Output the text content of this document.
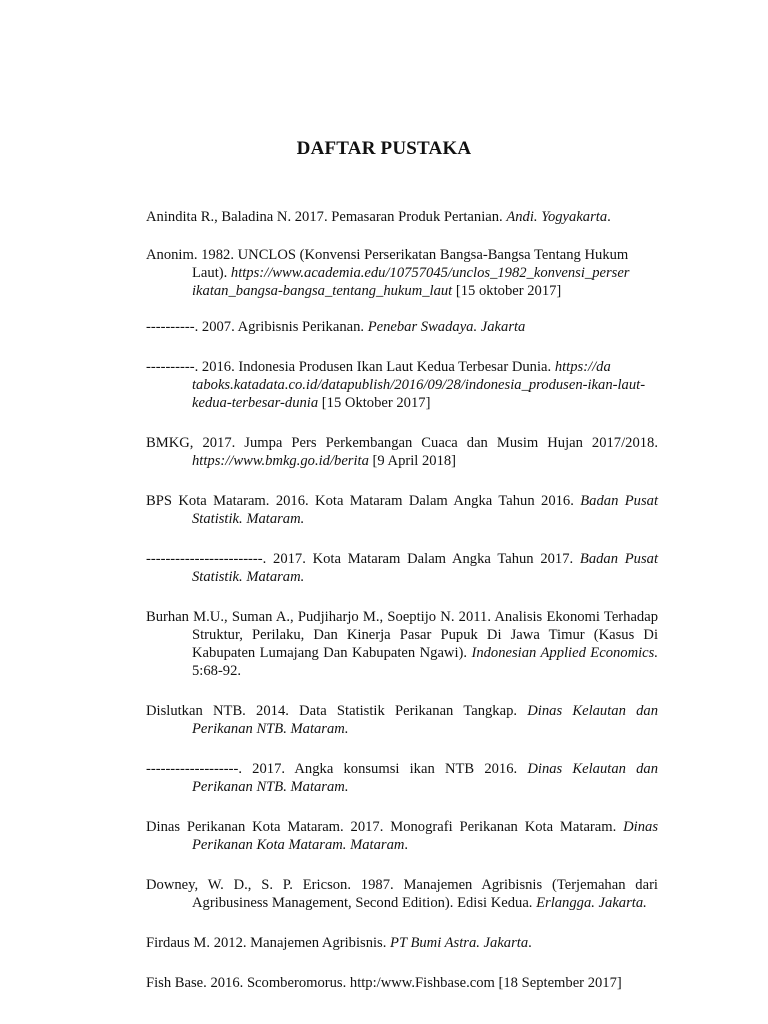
DAFTAR PUSTAKA

Anindita R., Baladina N. 2017. Pemasaran Produk Pertanian. Andi. Yogyakarta.

Anonim. 1982. UNCLOS (Konvensi Perserikatan Bangsa-Bangsa Tentang Hukum Laut). https://www.academia.edu/10757045/unclos_1982_konvensi_perser ikatan_bangsa-bangsa_tentang_hukum_laut [15 oktober 2017]

----------. 2007. Agribisnis Perikanan. Penebar Swadaya. Jakarta

----------. 2016. Indonesia Produsen Ikan Laut Kedua Terbesar Dunia. https://da taboks.katadata.co.id/datapublish/2016/09/28/indonesia_produsen-ikan-laut-kedua-terbesar-dunia [15 Oktober 2017]

BMKG, 2017. Jumpa Pers Perkembangan Cuaca dan Musim Hujan 2017/2018. https://www.bmkg.go.id/berita [9 April 2018]

BPS Kota Mataram. 2016. Kota Mataram Dalam Angka Tahun 2016. Badan Pusat Statistik. Mataram.

------------------------. 2017. Kota Mataram Dalam Angka Tahun 2017. Badan Pusat Statistik. Mataram.

Burhan M.U., Suman A., Pudjiharjo M., Soeptijo N. 2011. Analisis Ekonomi Terhadap Struktur, Perilaku, Dan Kinerja Pasar Pupuk Di Jawa Timur (Kasus Di Kabupaten Lumajang Dan Kabupaten Ngawi). Indonesian Applied Economics. 5:68-92.

Dislutkan NTB. 2014. Data Statistik Perikanan Tangkap. Dinas Kelautan dan Perikanan NTB. Mataram.

-------------------. 2017. Angka konsumsi ikan NTB 2016. Dinas Kelautan dan Perikanan NTB. Mataram.

Dinas Perikanan Kota Mataram. 2017. Monografi Perikanan Kota Mataram. Dinas Perikanan Kota Mataram. Mataram.

Downey, W. D., S. P. Ericson. 1987. Manajemen Agribisnis (Terjemahan dari Agribusiness Management, Second Edition). Edisi Kedua. Erlangga. Jakarta.

Firdaus M. 2012. Manajemen Agribisnis. PT Bumi Astra. Jakarta.

Fish Base. 2016. Scomberomorus. http:/www.Fishbase.com [18 September 2017]
